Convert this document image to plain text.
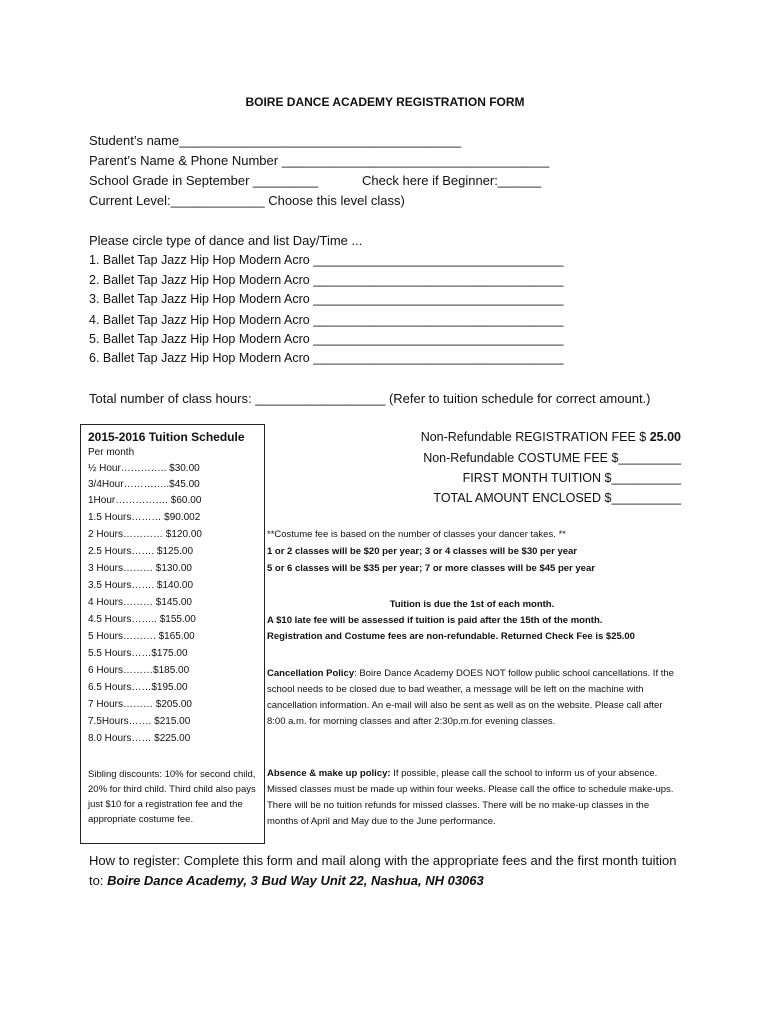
BOIRE DANCE ACADEMY REGISTRATION FORM
Student’s name_______________________________________
Parent’s Name & Phone Number _____________________________________
School Grade in September _________	Check here if Beginner:______
Current Level:_____________ Choose this level class)
Please circle type of dance and list Day/Time ...
1. Ballet Tap Jazz Hip Hop Modern Acro ____________________________________
2. Ballet Tap Jazz Hip Hop Modern Acro ____________________________________
3. Ballet Tap Jazz Hip Hop Modern Acro ____________________________________
4. Ballet Tap Jazz Hip Hop Modern Acro ____________________________________
5. Ballet Tap Jazz Hip Hop Modern Acro ____________________________________
6. Ballet Tap Jazz Hip Hop Modern Acro ____________________________________
Total number of class hours: __________________ (Refer to tuition schedule for correct amount.)
2015-2016 Tuition Schedule
Per month
½ Hour………….. $30.00
3/4Hour…………..$45.00
1Hour……………. $60.00
1.5 Hours……… $90.002
2 Hours………… $120.00
2.5 Hours……. $125.00
3 Hours……… $130.00
3.5 Hours……. $140.00
4 Hours……… $145.00
4.5 Hours…….. $155.00
5 Hours………. $165.00
5.5 Hours……$175.00
6 Hours………$185.00
6.5 Hours……$195.00
7 Hours……… $205.00
7.5Hours……. $215.00
8.0 Hours…… $225.00
Sibling discounts: 10% for second child, 20% for third child. Third child also pays just $10 for a registration fee and the appropriate costume fee.
Non-Refundable REGISTRATION FEE $ 25.00
Non-Refundable COSTUME FEE $_________
FIRST MONTH TUITION $__________
TOTAL AMOUNT ENCLOSED $__________
**Costume fee is based on the number of classes your dancer takes. **
1 or 2 classes will be $20 per year; 3 or 4 classes will be $30 per year
5 or 6 classes will be $35 per year; 7 or more classes will be $45 per year
Tuition is due the 1st of each month.
A $10 late fee will be assessed if tuition is paid after the 15th of the month.
Registration and Costume fees are non-refundable. Returned Check Fee is $25.00
Cancellation Policy: Boire Dance Academy DOES NOT follow public school cancellations. If the school needs to be closed due to bad weather, a message will be left on the machine with cancellation information. An e-mail will also be sent as well as on the website. Please call after 8:00 a.m. for morning classes and after 2:30p.m.for evening classes.
Absence & make up policy: If possible, please call the school to inform us of your absence. Missed classes must be made up within four weeks. Please call the office to schedule make-ups. There will be no tuition refunds for missed classes. There will be no make-up classes in the months of April and May due to the June performance.
How to register: Complete this form and mail along with the appropriate fees and the first month tuition
to: Boire Dance Academy, 3 Bud Way Unit 22, Nashua, NH 03063
